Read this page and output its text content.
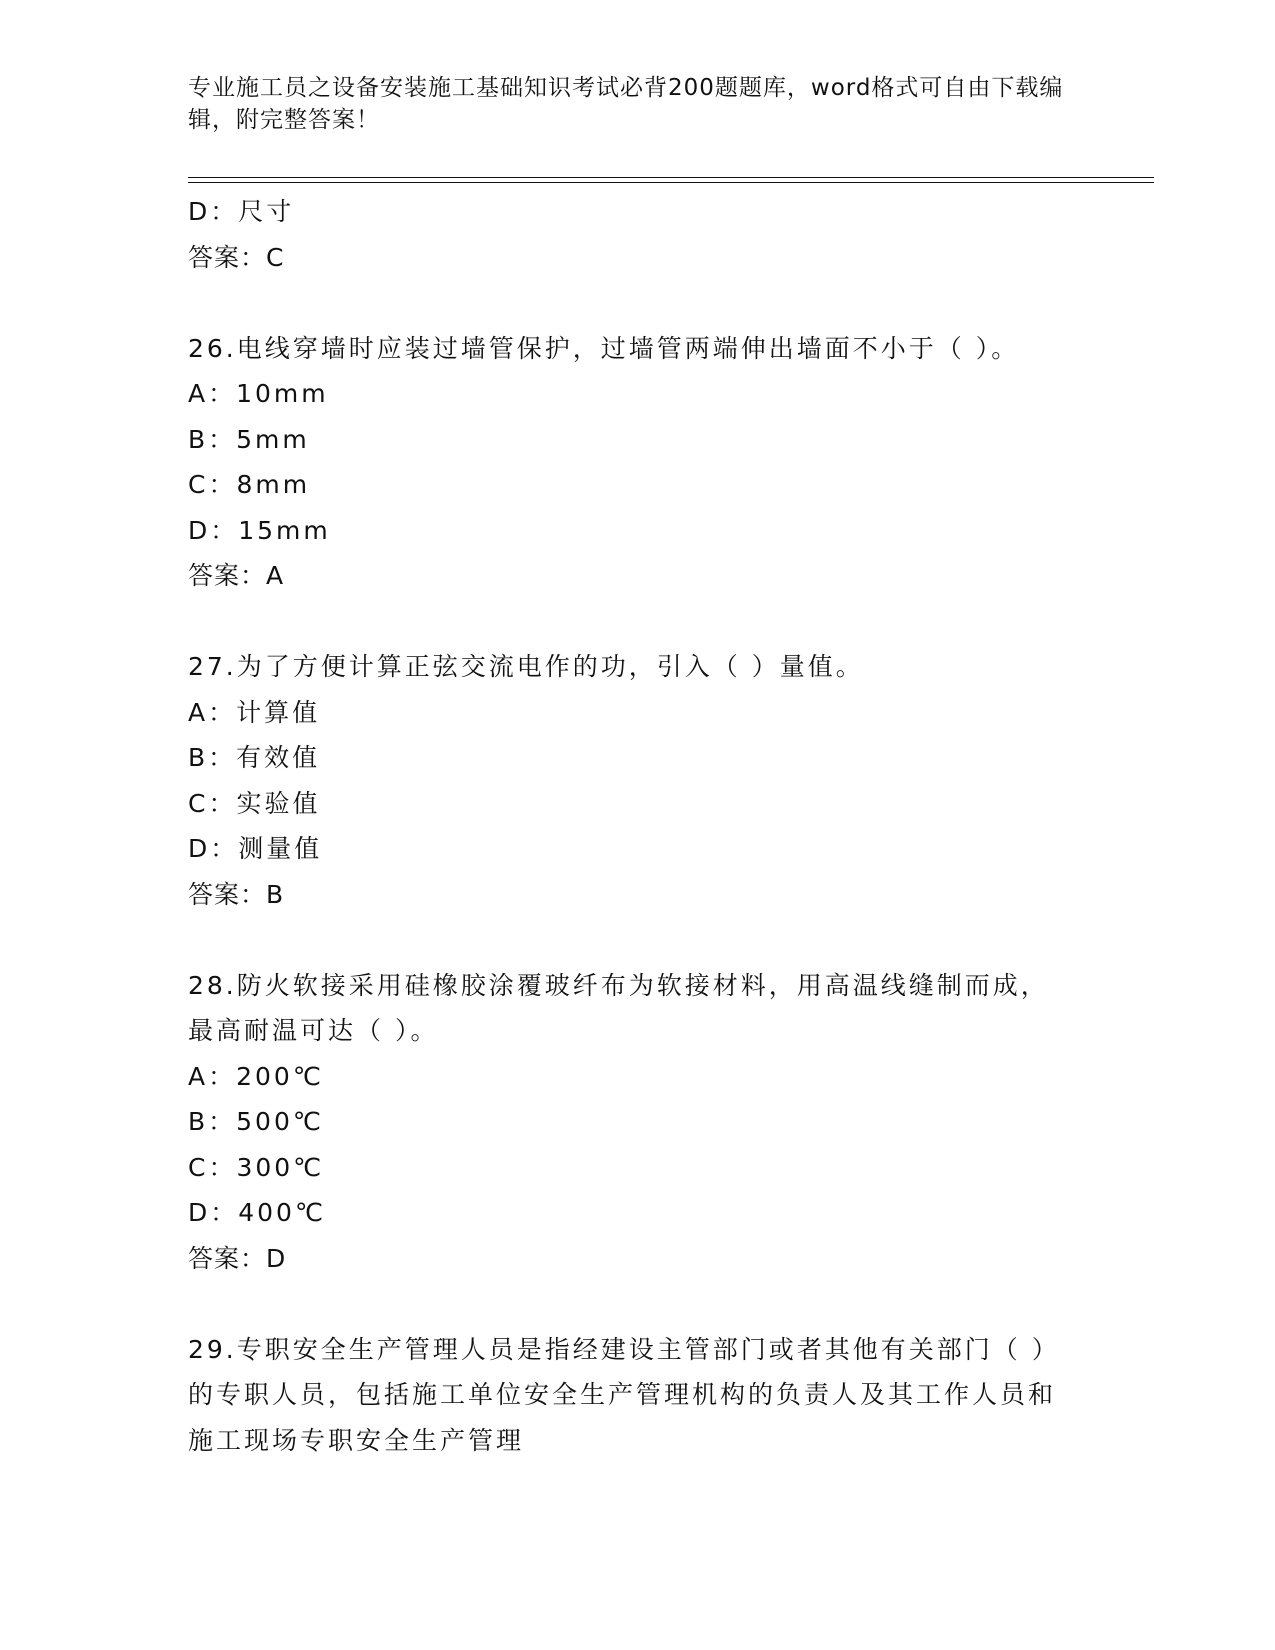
专业施工员之设备安装施工基础知识考试必背200题题库，word格式可自由下载编辑，附完整答案！
D：尺寸
答案：C
26.电线穿墙时应装过墙管保护，过墙管两端伸出墙面不小于（ ）。
A：10mm
B：5mm
C：8mm
D：15mm
答案：A
27.为了方便计算正弦交流电作的功，引入（ ）量值。
A：计算值
B：有效值
C：实验值
D：测量值
答案：B
28.防火软接采用硅橡胶涂覆玻纤布为软接材料，用高温线缝制而成，最高耐温可达（ ）。
A：200℃
B：500℃
C：300℃
D：400℃
答案：D
29.专职安全生产管理人员是指经建设主管部门或者其他有关部门（ ）的专职人员，包括施工单位安全生产管理机构的负责人及其工作人员和施工现场专职安全生产管理
